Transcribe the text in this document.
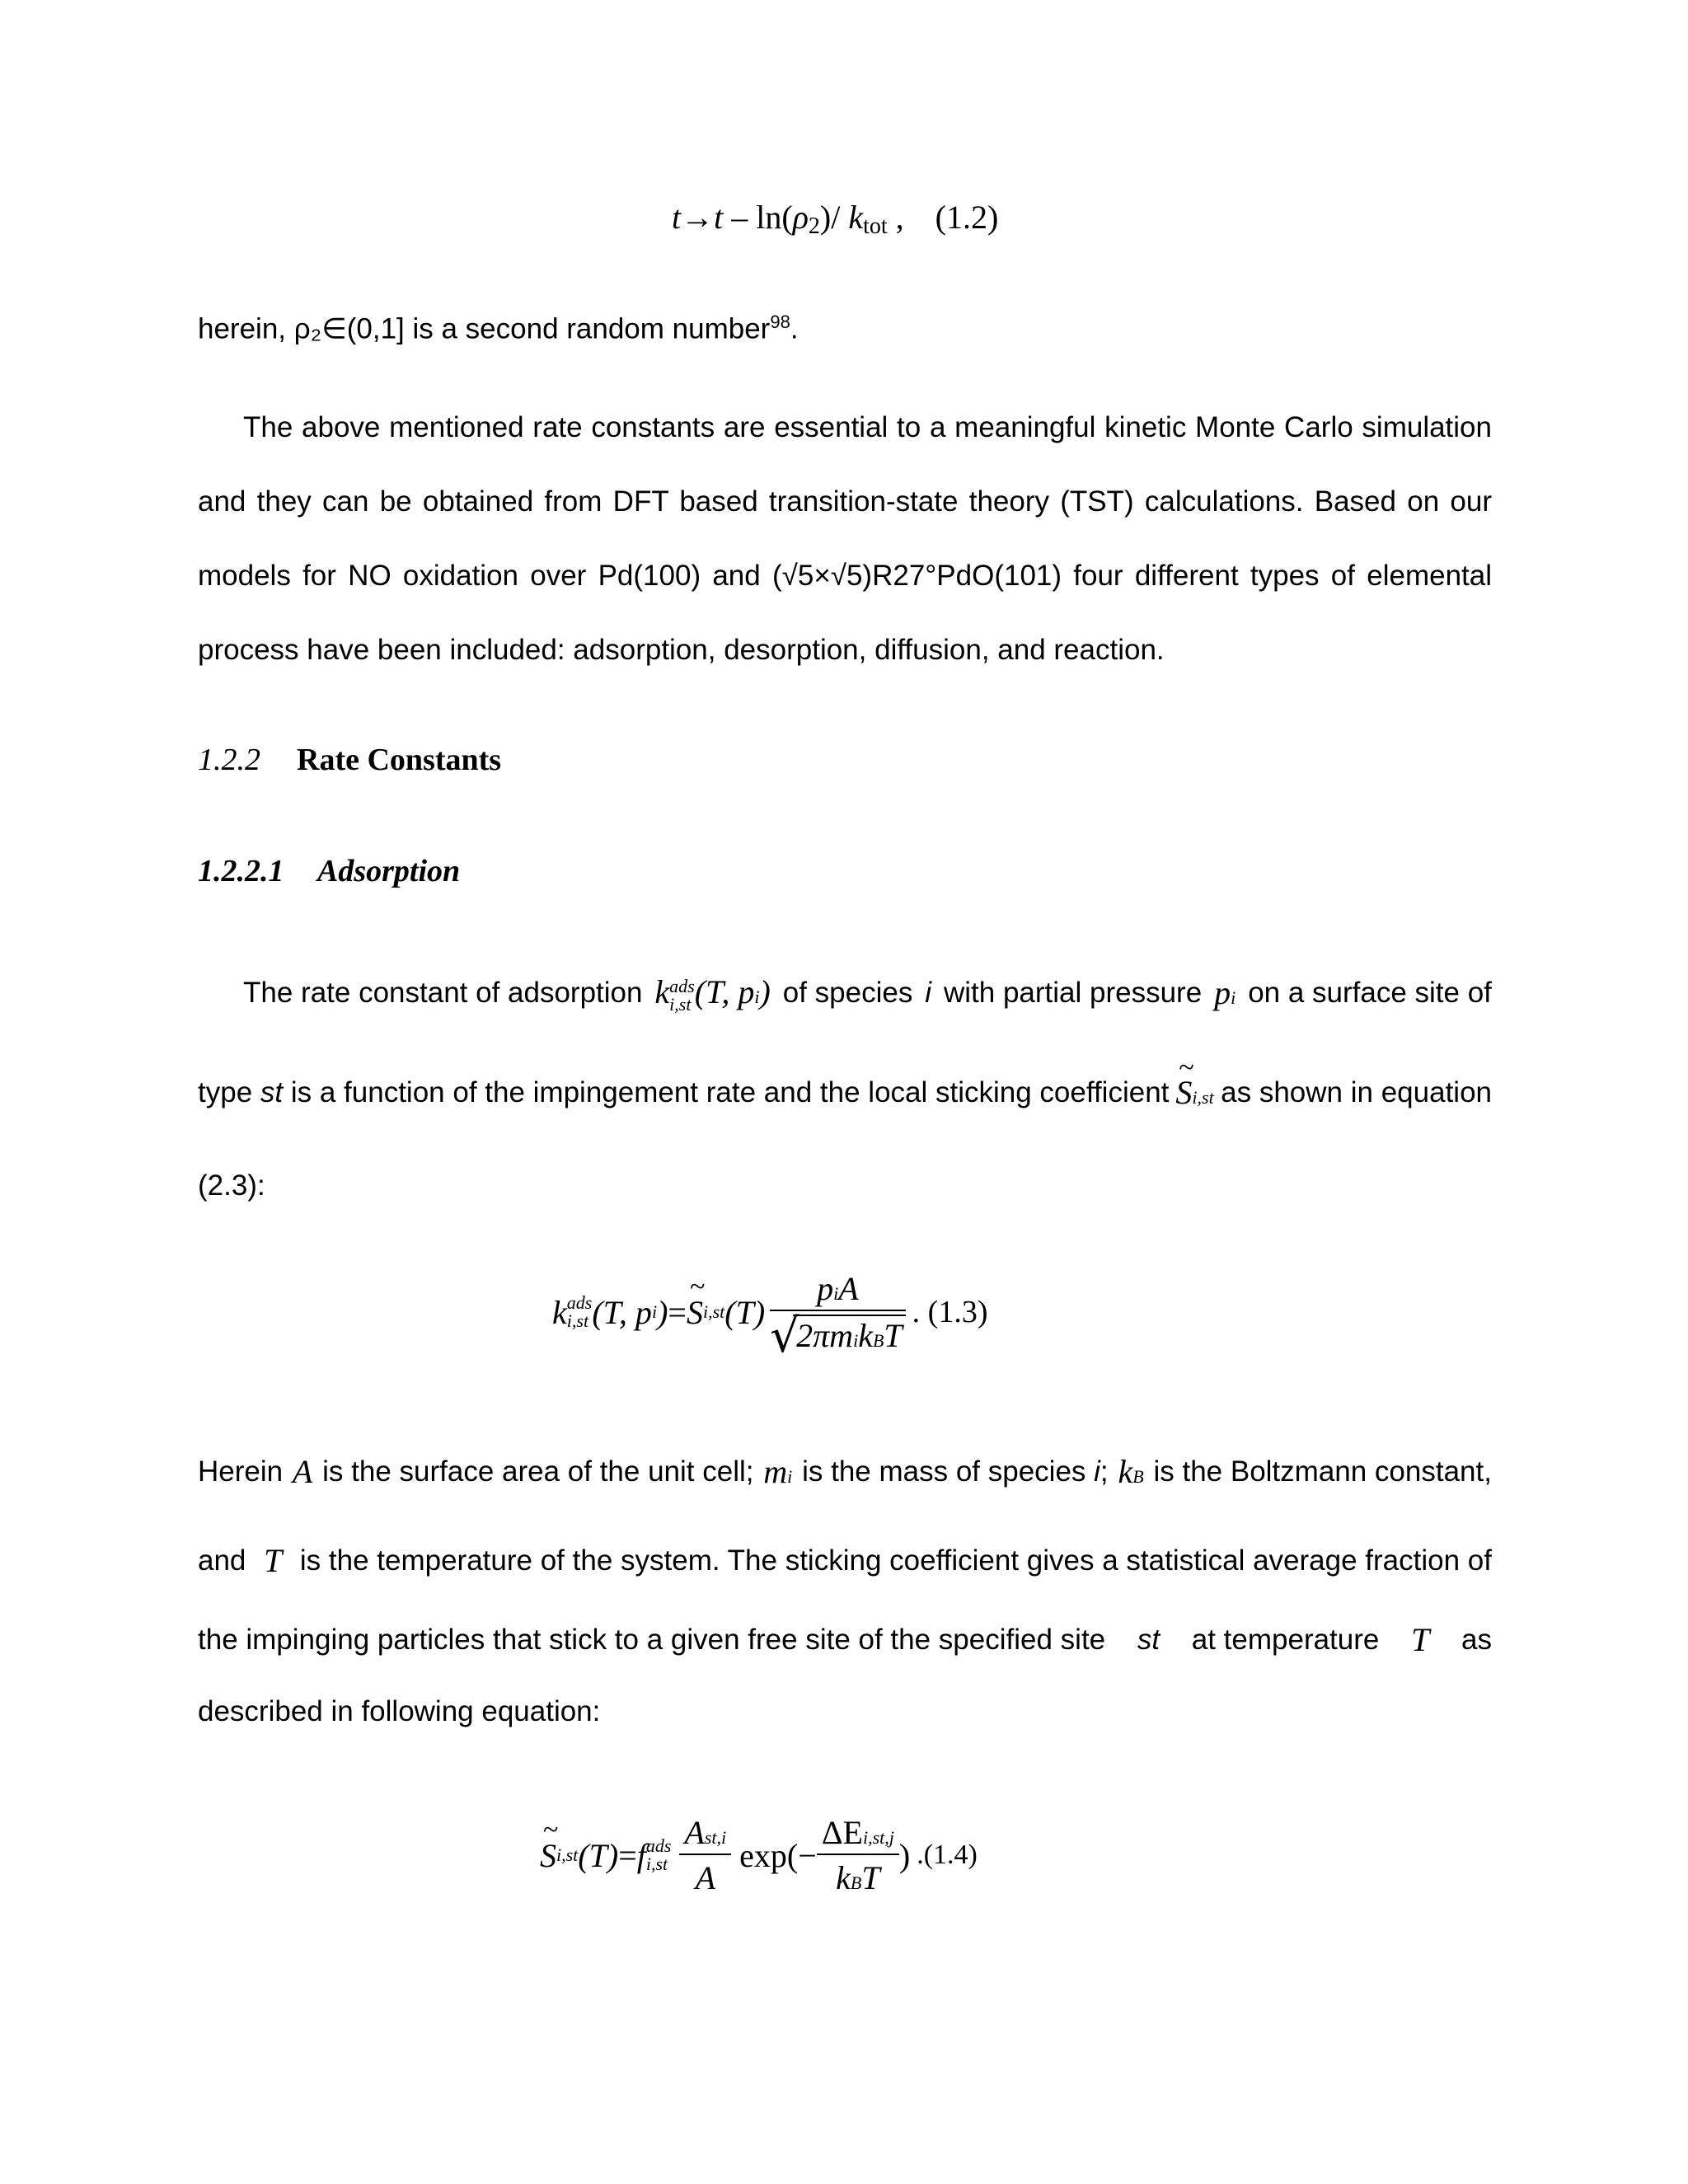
$t\to t - \ln(\rho_2)/$ $k_{tot}$ , (1.2)
herein, ρ₂∈(0,1] is a second random number$^{98}$.
The above mentioned rate constants are essential to a meaningful kinetic Monte Carlo simulation
and they can be obtained from DFT based transition-state theory (TST) calculations. Based on our
models for NO oxidation over Pd(100) and (√5×√5)R27°PdO(101) four different types of elemental
process have been included: adsorption, desorption, diffusion, and reaction.
1.2.2 Rate Constants
1.2.2.1 Adsorption
The rate constant of adsorption k ads
i,st (T, pi) of species i with partial pressure pi on a surface site of
type
st
is a function of the impingement rate and the local sticking coefficient ~ Si,st as shown in equation
(2.3):
k ads
i,st (T, p i ) = ~ S i,st (T) piA
√
2πmikBT . (1.3)
Herein A is the surface area of the unit cell; mi is the mass of species i; kB is the Boltzmann constant,
and T is the temperature of the system. The sticking coefficient gives a statistical average fraction of
the impinging particles that stick to a given free site of the specified site st at temperature T as
described in following equation:
~ S i,st (T) = f ads
$i,st \frac{\text{Ast,i}}{A} \exp(- \frac{\text{ΔEi,st,j}}{\text{kBT}}$ ) .(1.4)
